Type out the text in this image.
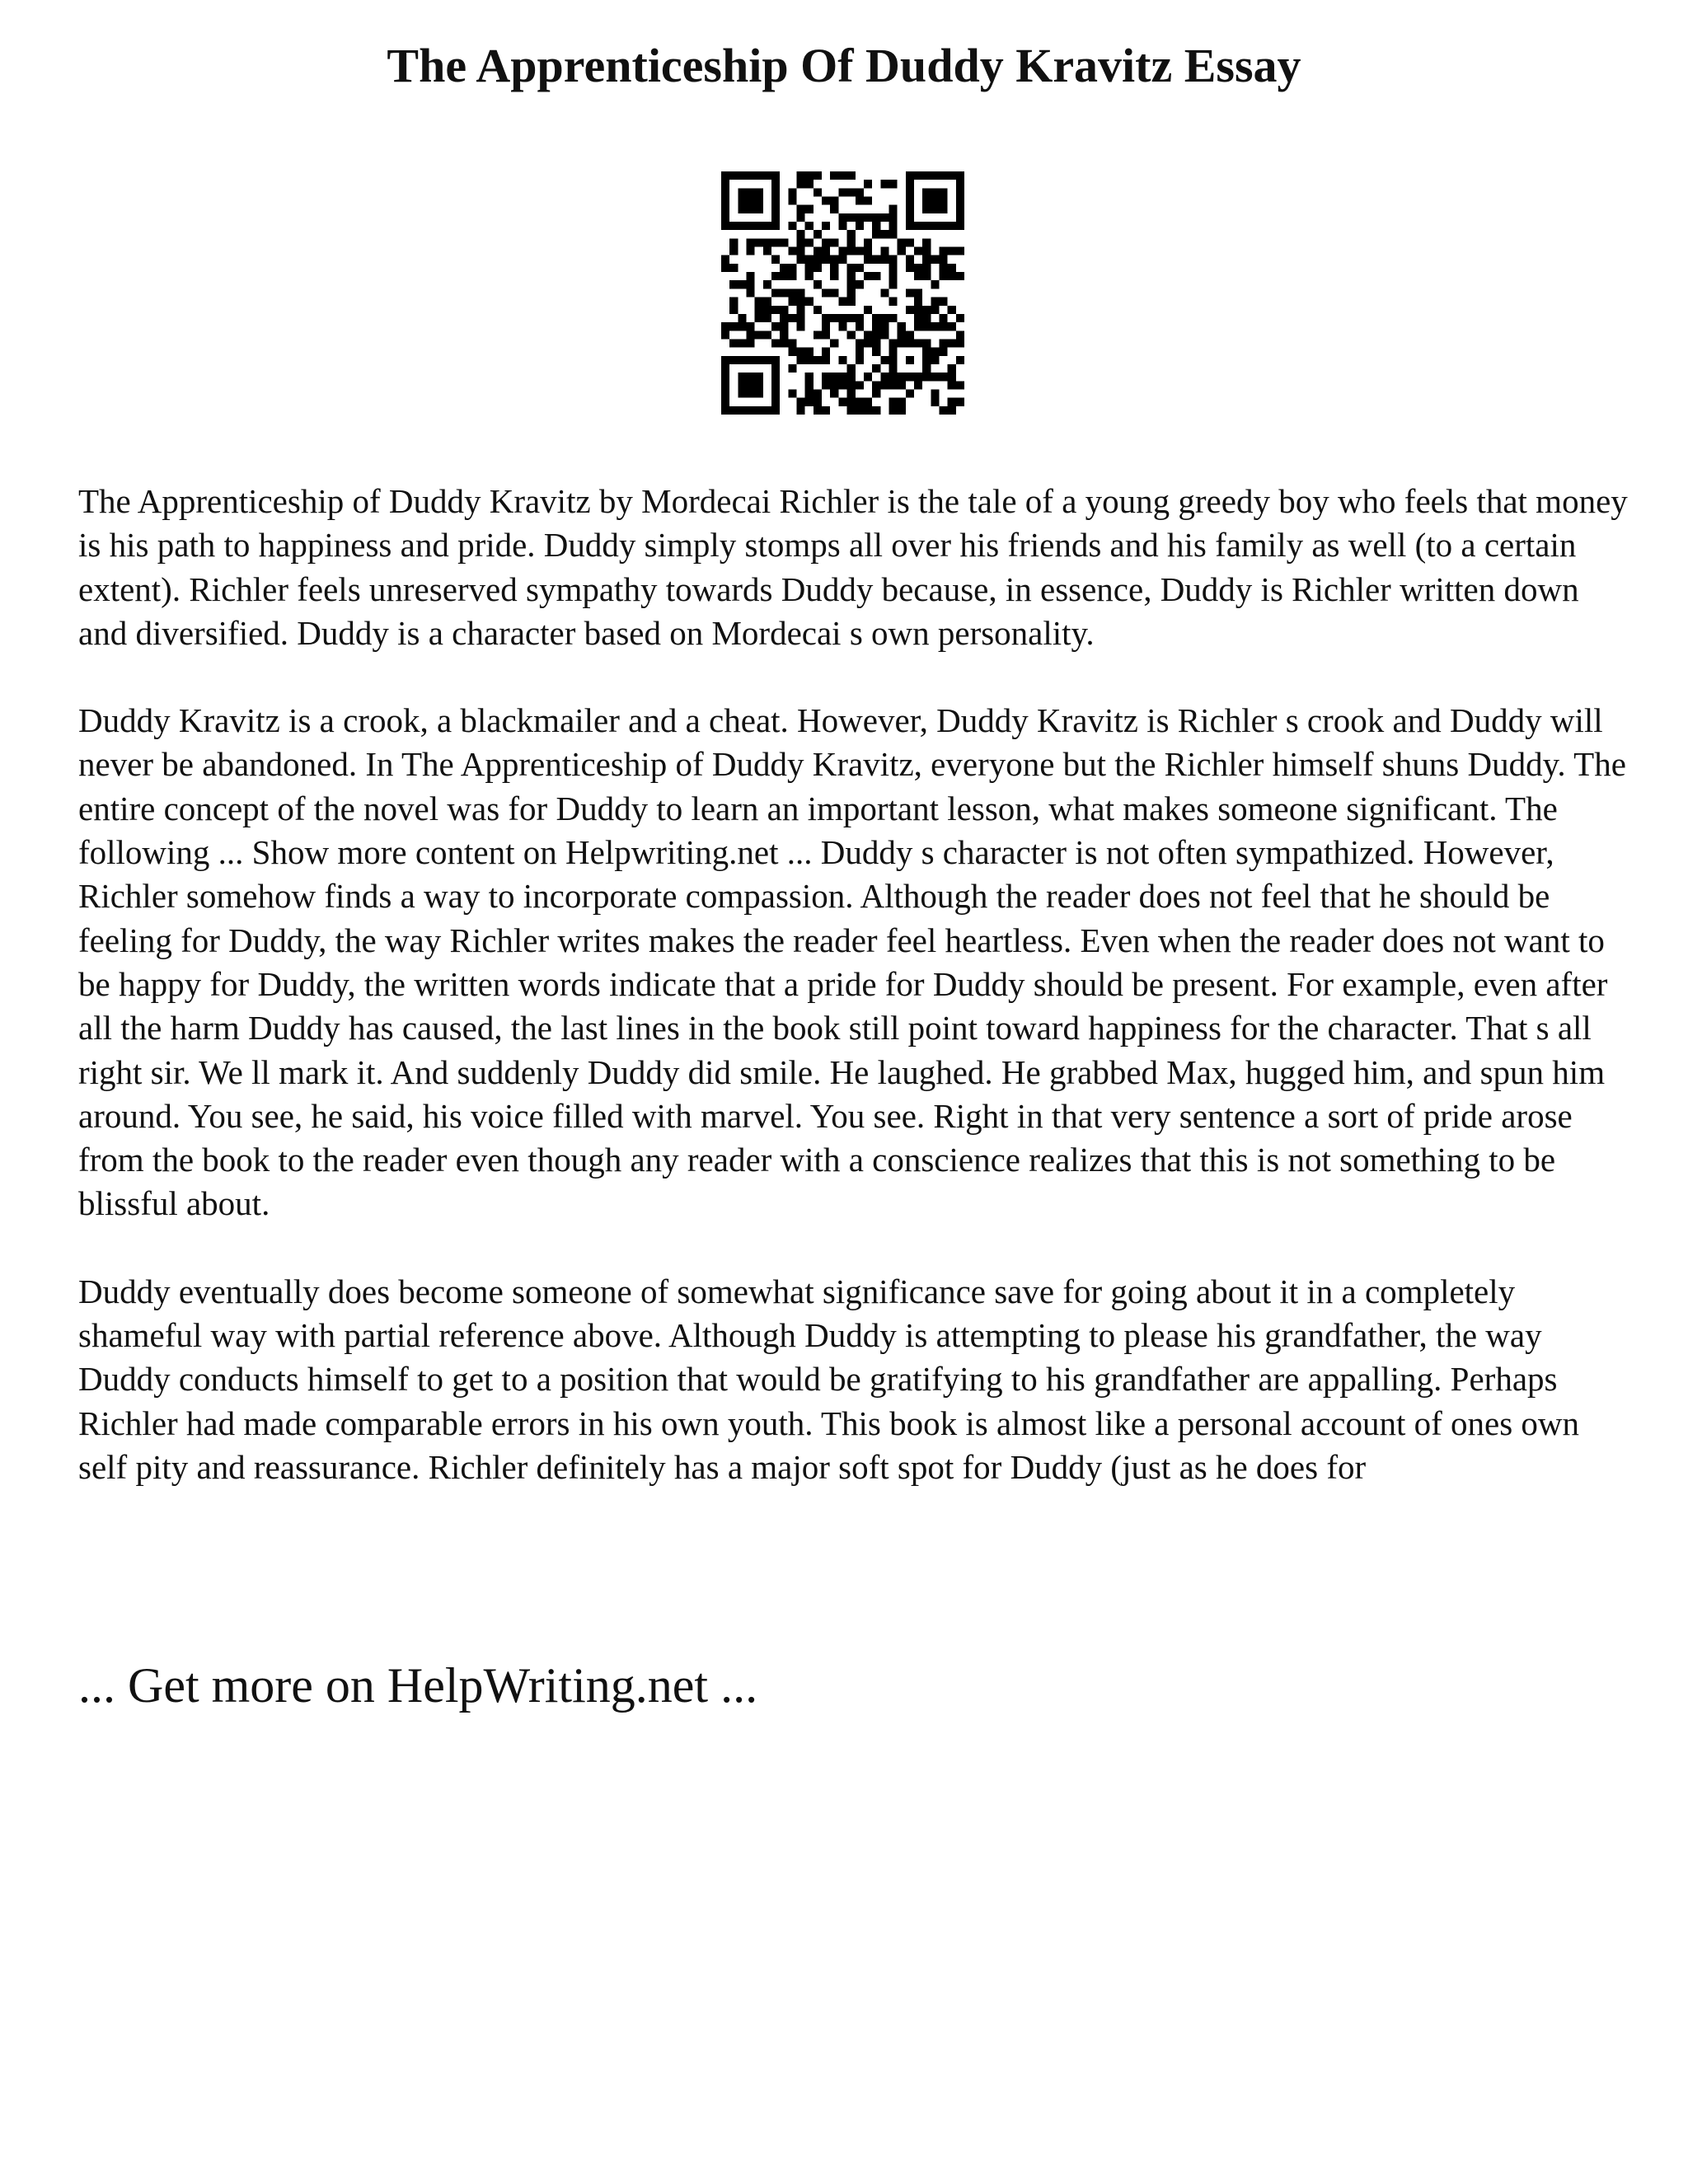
The Apprenticeship Of Duddy Kravitz Essay

The Apprenticeship of Duddy Kravitz by Mordecai Richler is the tale of a young greedy boy who feels that money is his path to happiness and pride. Duddy simply stomps all over his friends and his family as well (to a certain extent). Richler feels unreserved sympathy towards Duddy because, in essence, Duddy is Richler written down and diversified. Duddy is a character based on Mordecai s own personality.

Duddy Kravitz is a crook, a blackmailer and a cheat. However, Duddy Kravitz is Richler s crook and Duddy will never be abandoned. In The Apprenticeship of Duddy Kravitz, everyone but the Richler himself shuns Duddy. The entire concept of the novel was for Duddy to learn an important lesson, what makes someone significant. The following ... Show more content on Helpwriting.net ... Duddy s character is not often sympathized. However, Richler somehow finds a way to incorporate compassion. Although the reader does not feel that he should be feeling for Duddy, the way Richler writes makes the reader feel heartless. Even when the reader does not want to be happy for Duddy, the written words indicate that a pride for Duddy should be present. For example, even after all the harm Duddy has caused, the last lines in the book still point toward happiness for the character. That s all right sir. We ll mark it. And suddenly Duddy did smile. He laughed. He grabbed Max, hugged him, and spun him around. You see, he said, his voice filled with marvel. You see. Right in that very sentence a sort of pride arose from the book to the reader even though any reader with a conscience realizes that this is not something to be blissful about.

Duddy eventually does become someone of somewhat significance save for going about it in a completely shameful way with partial reference above. Although Duddy is attempting to please his grandfather, the way Duddy conducts himself to get to a position that would be gratifying to his grandfather are appalling. Perhaps Richler had made comparable errors in his own youth. This book is almost like a personal account of ones own self pity and reassurance. Richler definitely has a major soft spot for Duddy (just as he does for

... Get more on HelpWriting.net ...
